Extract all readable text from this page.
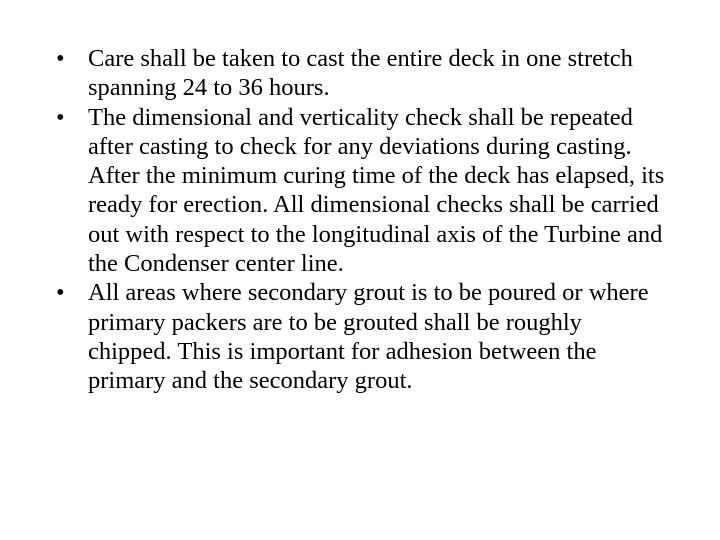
• Care shall be taken to cast the entire deck in one stretch spanning 24 to 36 hours.
• The dimensional and verticality check shall be repeated after casting to check for any deviations during casting. After the minimum curing time of the deck has elapsed, its ready for erection. All dimensional checks shall be carried out with respect to the longitudinal axis of the Turbine and the Condenser center line.
• All areas where secondary grout is to be poured or where primary packers are to be grouted shall be roughly chipped. This is important for adhesion between the primary and the secondary grout.
